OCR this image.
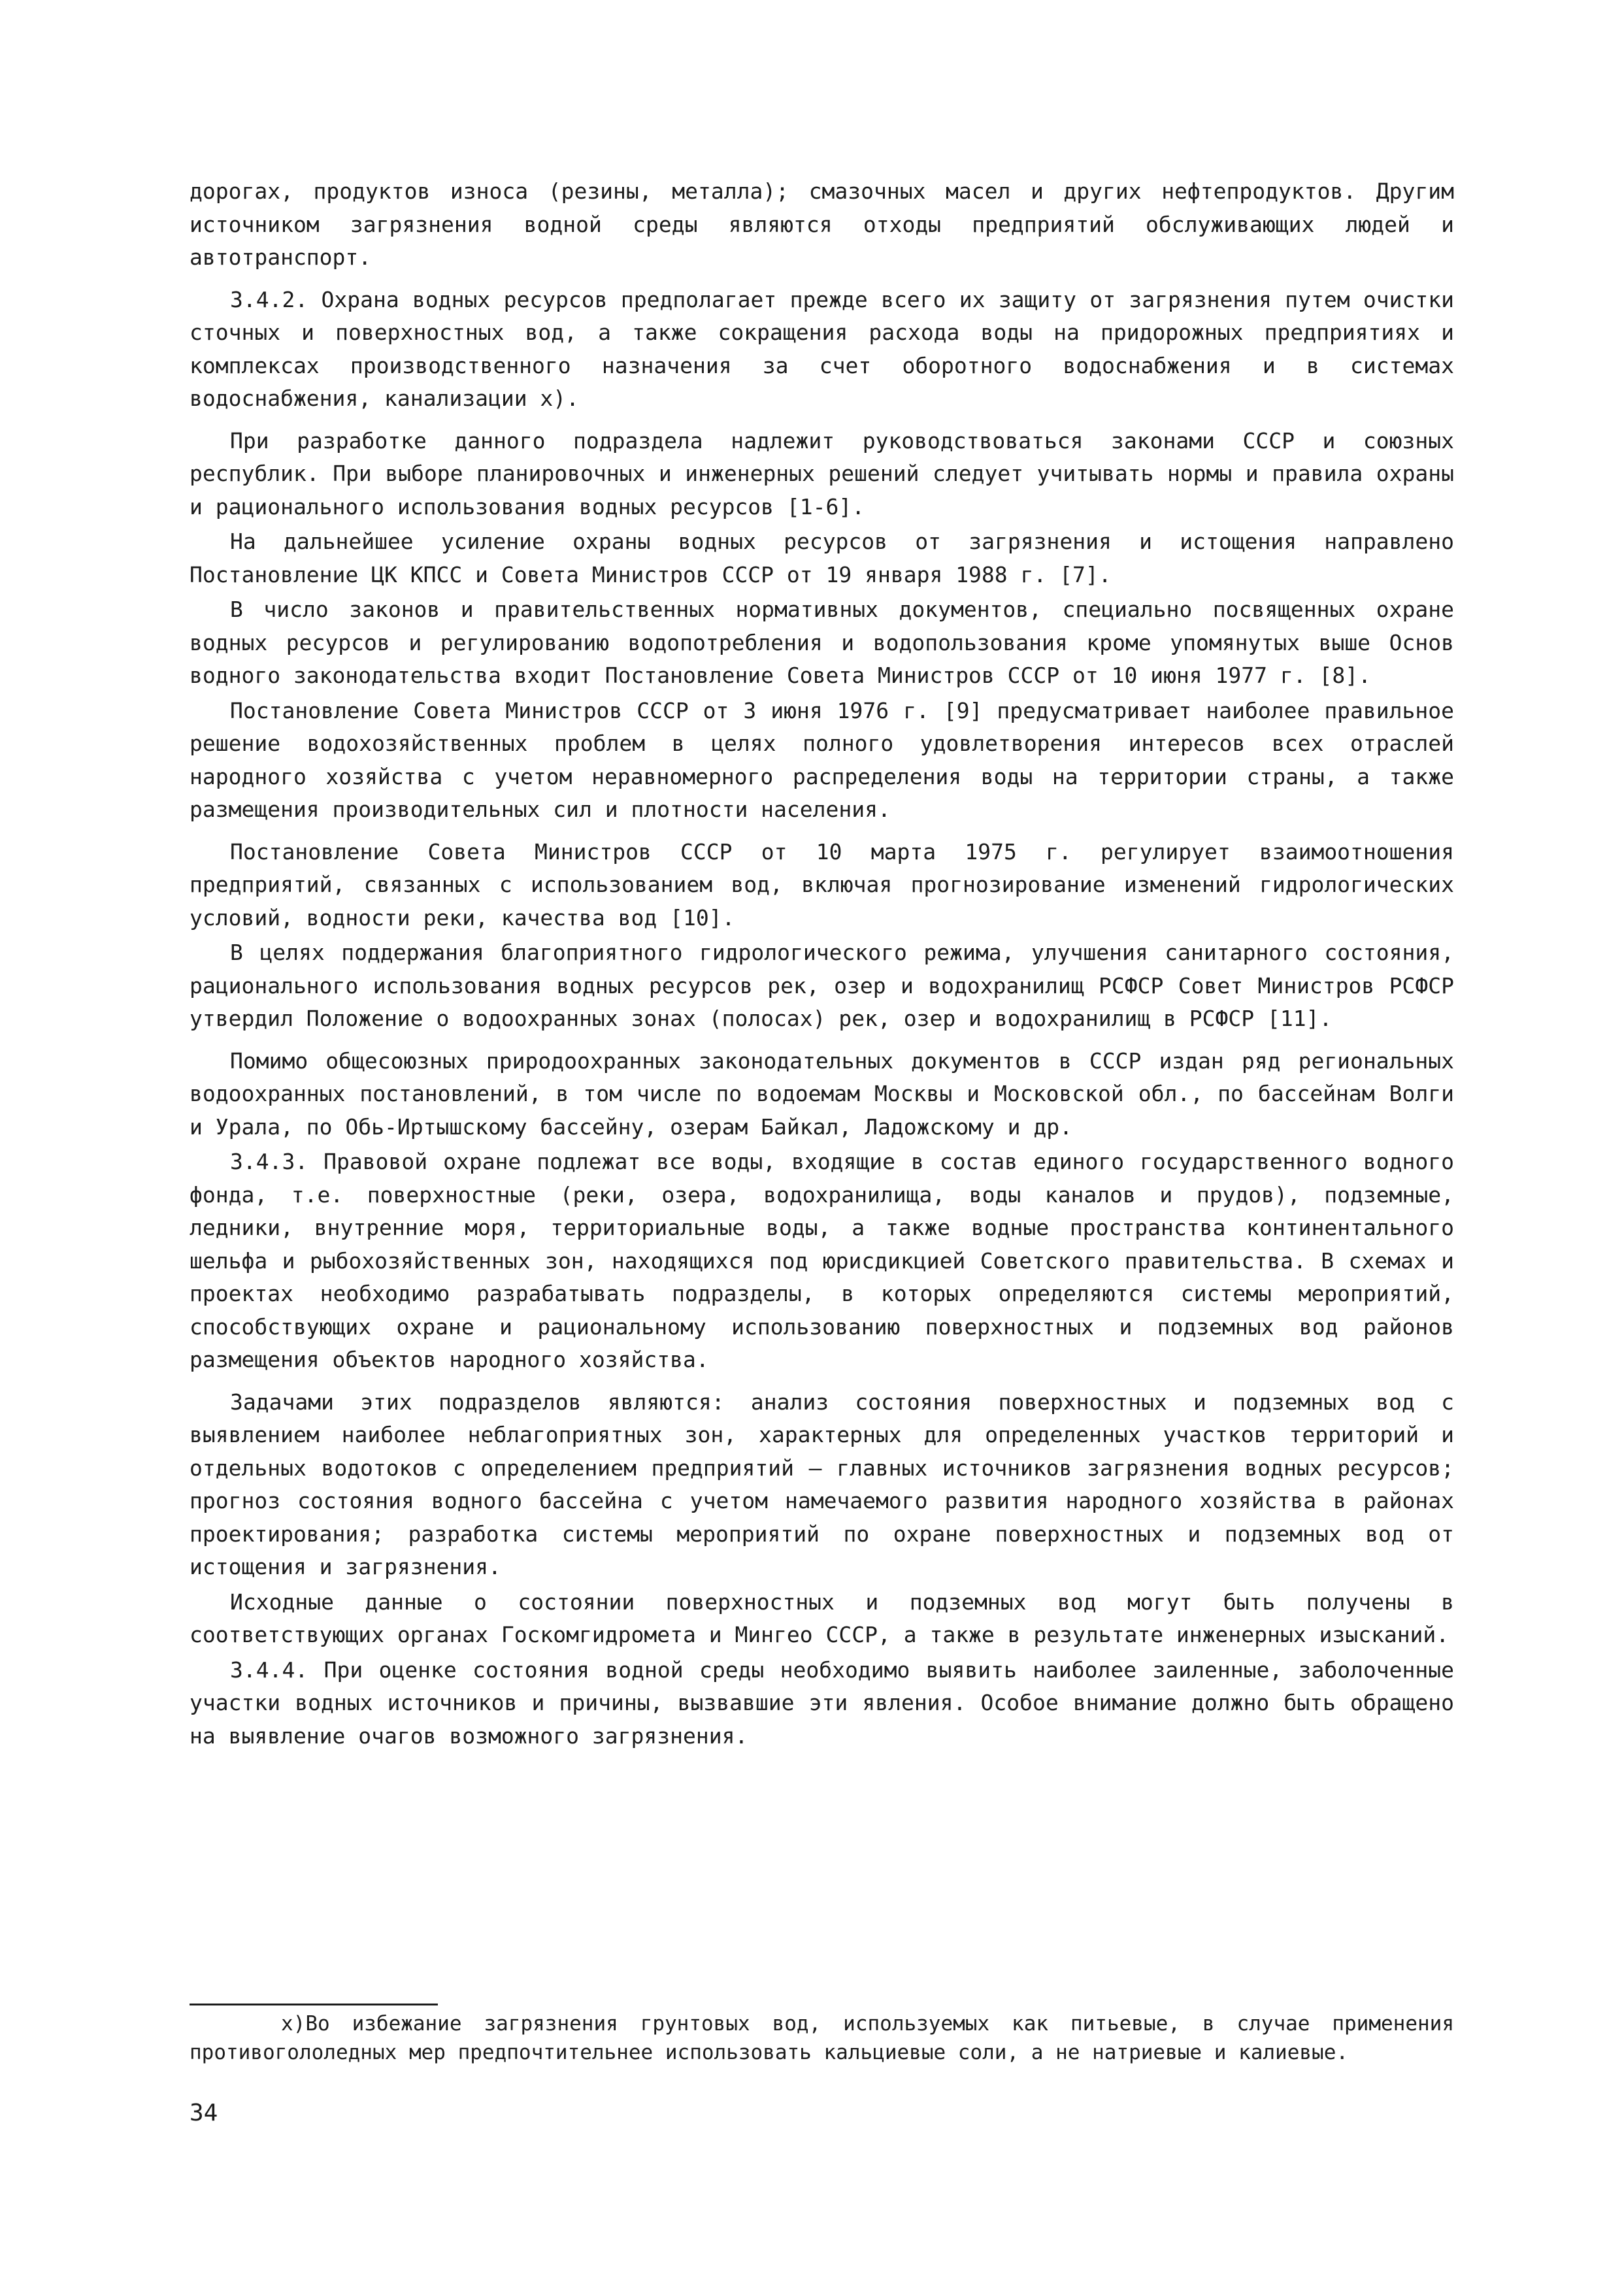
дорогах, продуктов износа (резины, металла); смазочных масел и других нефтепродуктов. Другим источником загрязнения водной среды являются отходы предприятий обслуживающих людей и автотранспорт.

3.4.2. Охрана водных ресурсов предполагает прежде всего их защиту от загрязнения путем очистки сточных и поверхностных вод, а также сокращения расхода воды на придорожных предприятиях и комплексах производственного назначения за счет оборотного водоснабжения и в системах водоснабжения, канализации x).

При разработке данного подраздела надлежит руководствоваться законами СССР и союзных республик. При выборе планировочных и инженерных решений следует учитывать нормы и правила охраны и рационального использования водных ресурсов [1-6].

На дальнейшее усиление охраны водных ресурсов от загрязнения и истощения направлено Постановление ЦК КПСС и Совета Министров СССР от 19 января 1988 г. [7].

В число законов и правительственных нормативных документов, специально посвященных охране водных ресурсов и регулированию водопотребления и водопользования кроме упомянутых выше Основ водного законодательства входит Постановление Совета Министров СССР от 10 июня 1977 г. [8].

Постановление Совета Министров СССР от 3 июня 1976 г. [9] предусматривает наиболее правильное решение водохозяйственных проблем в целях полного удовлетворения интересов всех отраслей народного хозяйства с учетом неравномерного распределения воды на территории страны, а также размещения производительных сил и плотности населения.

Постановление Совета Министров СССР от 10 марта 1975 г. регулирует взаимоотношения предприятий, связанных с использованием вод, включая прогнозирование изменений гидрологических условий, водности реки, качества вод [10].

В целях поддержания благоприятного гидрологического режима, улучшения санитарного состояния, рационального использования водных ресурсов рек, озер и водохранилищ РСФСР Совет Министров РСФСР утвердил Положение о водоохранных зонах (полосах) рек, озер и водохранилищ в РСФСР [11].

Помимо общесоюзных природоохранных законодательных документов в СССР издан ряд региональных водоохранных постановлений, в том числе по водоемам Москвы и Московской обл., по бассейнам Волги и Урала, по Обь-Иртышскому бассейну, озерам Байкал, Ладожскому и др.

3.4.3. Правовой охране подлежат все воды, входящие в состав единого государственного водного фонда, т.е. поверхностные (реки, озера, водохранилища, воды каналов и прудов), подземные, ледники, внутренние моря, территориальные воды, а также водные пространства континентального шельфа и рыбохозяйственных зон, находящихся под юрисдикцией Советского правительства. В схемах и проектах необходимо разрабатывать подразделы, в которых определяются системы мероприятий, способствующих охране и рациональному использованию поверхностных и подземных вод районов размещения объектов народного хозяйства.

Задачами этих подразделов являются: анализ состояния поверхностных и подземных вод с выявлением наиболее неблагоприятных зон, характерных для определенных участков территорий и отдельных водотоков с определением предприятий – главных источников загрязнения водных ресурсов; прогноз состояния водного бассейна с учетом намечаемого развития народного хозяйства в районах проектирования; разработка системы мероприятий по охране поверхностных и подземных вод от истощения и загрязнения.

Исходные данные о состоянии поверхностных и подземных вод могут быть получены в соответствующих органах Госкомгидромета и Мингео СССР, а также в результате инженерных изысканий.

3.4.4. При оценке состояния водной среды необходимо выявить наиболее заиленные, заболоченные участки водных источников и причины, вызвавшие эти явления. Особое внимание должно быть обращено на выявление очагов возможного загрязнения.

x)Во избежание загрязнения грунтовых вод, используемых как питьевые, в случае применения противогололедных мер предпочтительнее использовать кальциевые соли, а не натриевые и калиевые.

34
